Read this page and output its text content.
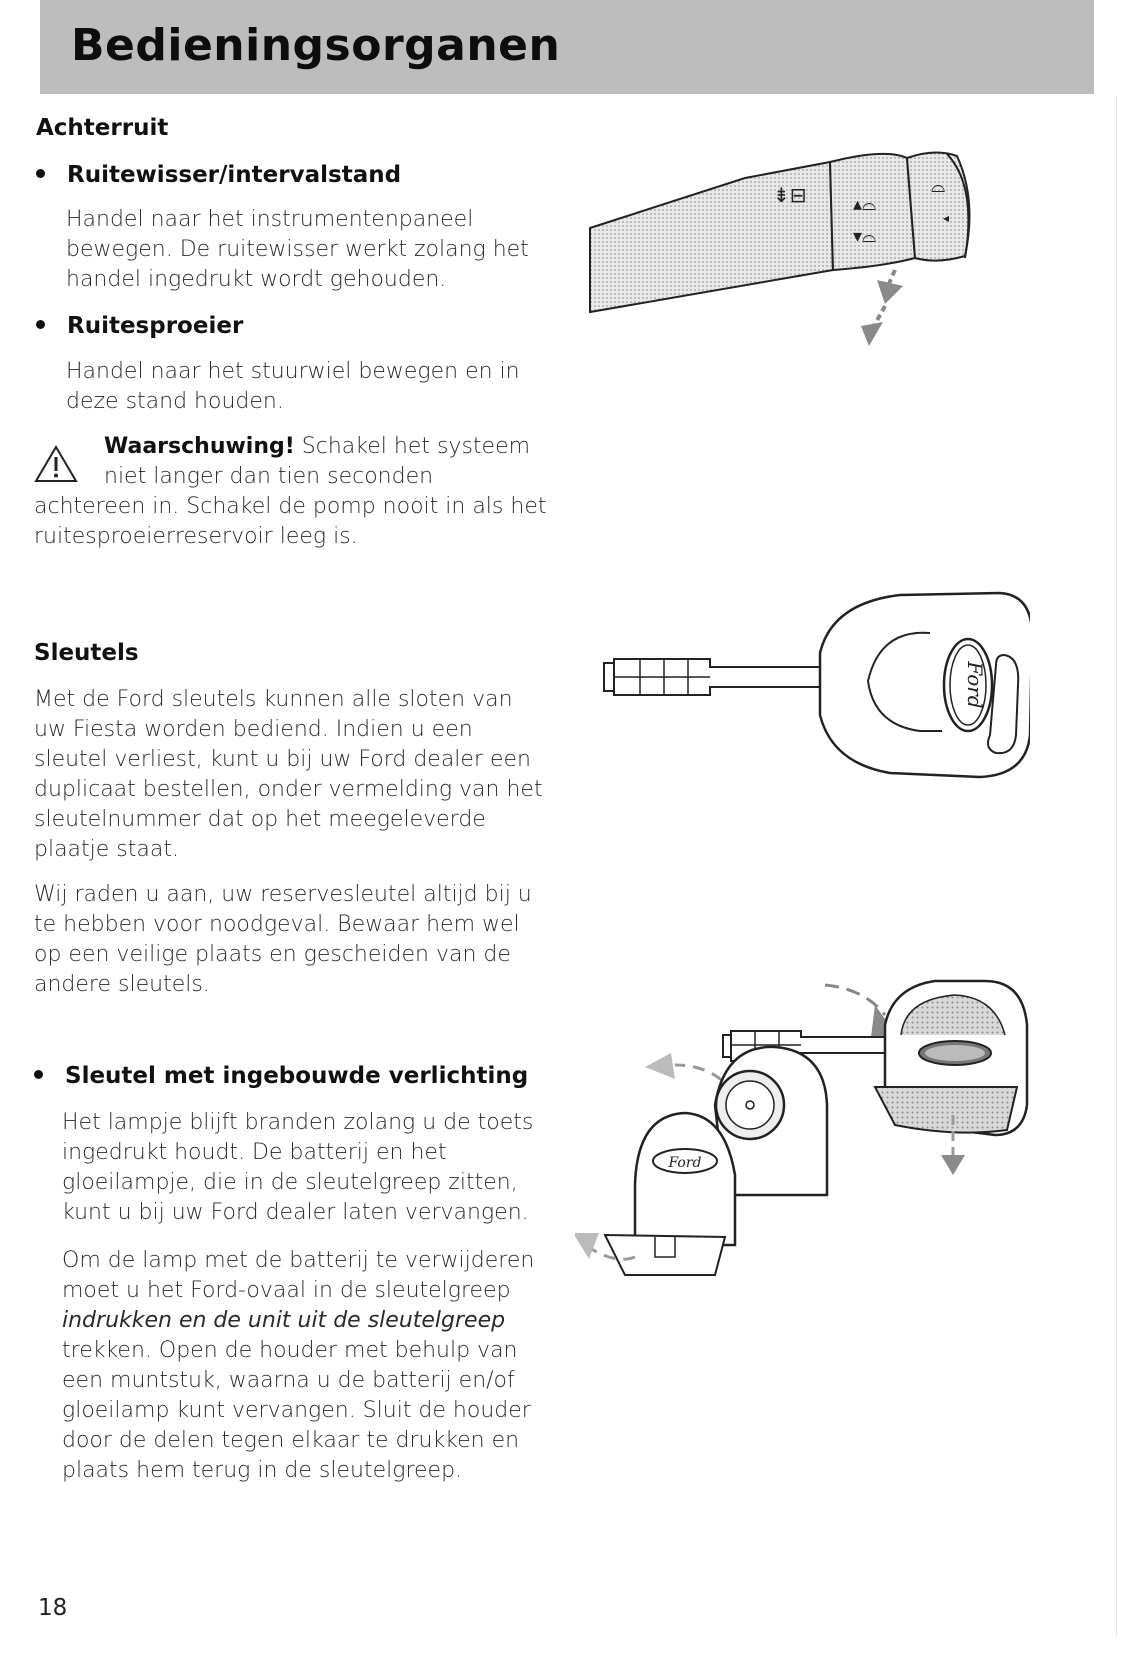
Bedieningsorganen
Achterruit
Ruitewisser/intervalstand

Handel naar het instrumentenpaneel
bewegen. De ruitewisser werkt zolang het
handel ingedrukt wordt gehouden.

Ruitesproeier

Handel naar het stuurwiel bewegen en in
deze stand houden.

Waarschuwing! Schakel het systeem

niet langer dan tien seconden

achtereen in. Schakel de pomp nooit in als het
ruitesproeierreservoir leeg is.

⇟⊟	▴⌓
▾⌓
⌓
◂
Sleutels

Met de Ford sleutels kunnen alle sloten van
uw Fiesta worden bediend. Indien u een
sleutel verliest, kunt u bij uw Ford dealer een
duplicaat bestellen, onder vermelding van het
sleutelnummer dat op het meegeleverde
plaatje staat.

Wij raden u aan, uw reservesleutel altijd bij u
te hebben voor noodgeval. Bewaar hem wel
op een veilige plaats en gescheiden van de
andere sleutels.

Ford
Sleutel met ingebouwde verlichting

Het lampje blijft branden zolang u de toets
ingedrukt houdt. De batterij en het
gloeilampje, die in de sleutelgreep zitten,
kunt u bij uw Ford dealer laten vervangen.

Om de lamp met de batterij te verwijderen
moet u het Ford-ovaal in de sleutelgreep
indrukken en de unit uit de sleutelgreep
trekken. Open de houder met behulp van
een muntstuk, waarna u de batterij en/of
gloeilamp kunt vervangen. Sluit de houder
door de delen tegen elkaar te drukken en
plaats hem terug in de sleutelgreep.

Ford
18
